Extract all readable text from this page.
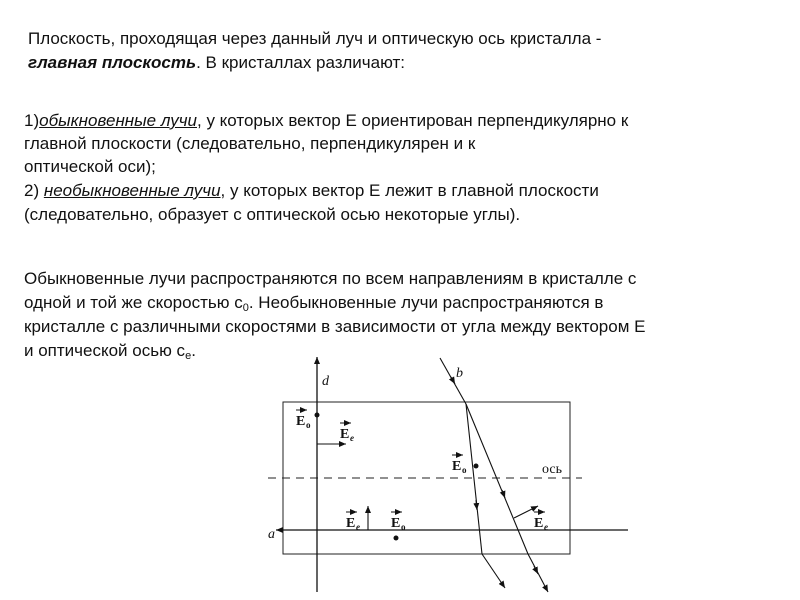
Плоскость, проходящая через данный луч и оптическую ось кристалла -
главная плоскость. В кристаллах различают:
1)обыкновенные лучи, у которых вектор Е ориентирован перпендикулярно к
главной плоскости (следовательно, перпендикулярен и к
оптической оси);
2) необыкновенные лучи, у которых вектор Е лежит в главной плоскости
(следовательно, образует с оптической осью некоторые углы).
Обыкновенные лучи распространяются по всем направлениям в кристалле с
одной и той же скоростью $с_0$. Необыкновенные лучи распространяются в
кристалле с различными скоростями в зависимости от угла между вектором Е
и оптической осью $с_e$.
ось
d
a
b
E o
E e
E o
E e E o	E e
